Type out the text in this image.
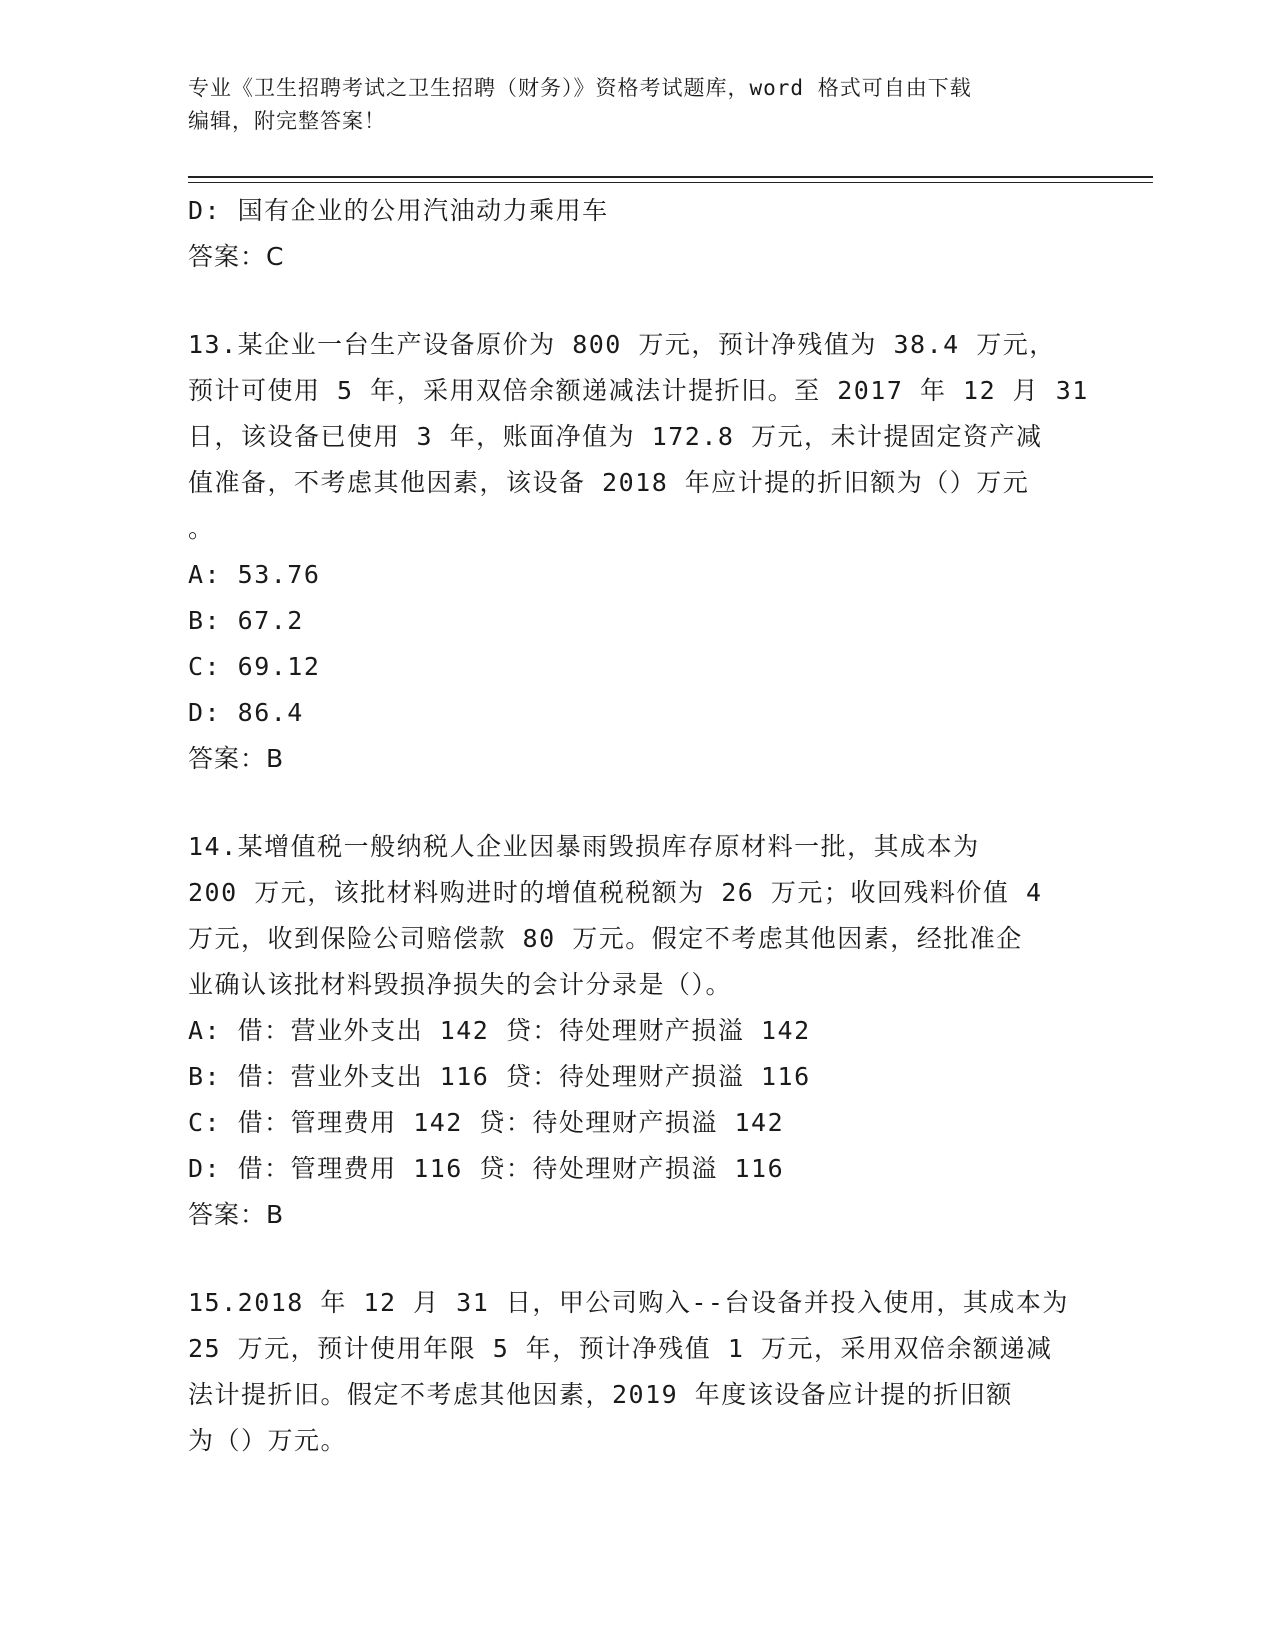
专业《卫生招聘考试之卫生招聘（财务）》资格考试题库，word 格式可自由下载
编辑，附完整答案！
D: 国有企业的公用汽油动力乘用车
答案：C
13.某企业一台生产设备原价为 800 万元，预计净残值为 38.4 万元，
预计可使用 5 年，采用双倍余额递减法计提折旧。至 2017 年 12 月 31
日，该设备已使用 3 年，账面净值为 172.8 万元，未计提固定资产减
值准备，不考虑其他因素，该设备 2018 年应计提的折旧额为（）万元
。
A: 53.76
B: 67.2
C: 69.12
D: 86.4
答案：B
14.某增值税一般纳税人企业因暴雨毁损库存原材料一批，其成本为
200 万元，该批材料购进时的增值税税额为 26 万元；收回残料价值 4
万元，收到保险公司赔偿款 80 万元。假定不考虑其他因素，经批准企
业确认该批材料毁损净损失的会计分录是（）。
A: 借：营业外支出 142 贷：待处理财产损溢 142
B: 借：营业外支出 116 贷：待处理财产损溢 116
C: 借：管理费用 142 贷：待处理财产损溢 142
D: 借：管理费用 116 贷：待处理财产损溢 116
答案：B
15.2018 年 12 月 31 日，甲公司购入--台设备并投入使用，其成本为
25 万元，预计使用年限 5 年，预计净残值 1 万元，采用双倍余额递减
法计提折旧。假定不考虑其他因素，2019 年度该设备应计提的折旧额
为（）万元。
